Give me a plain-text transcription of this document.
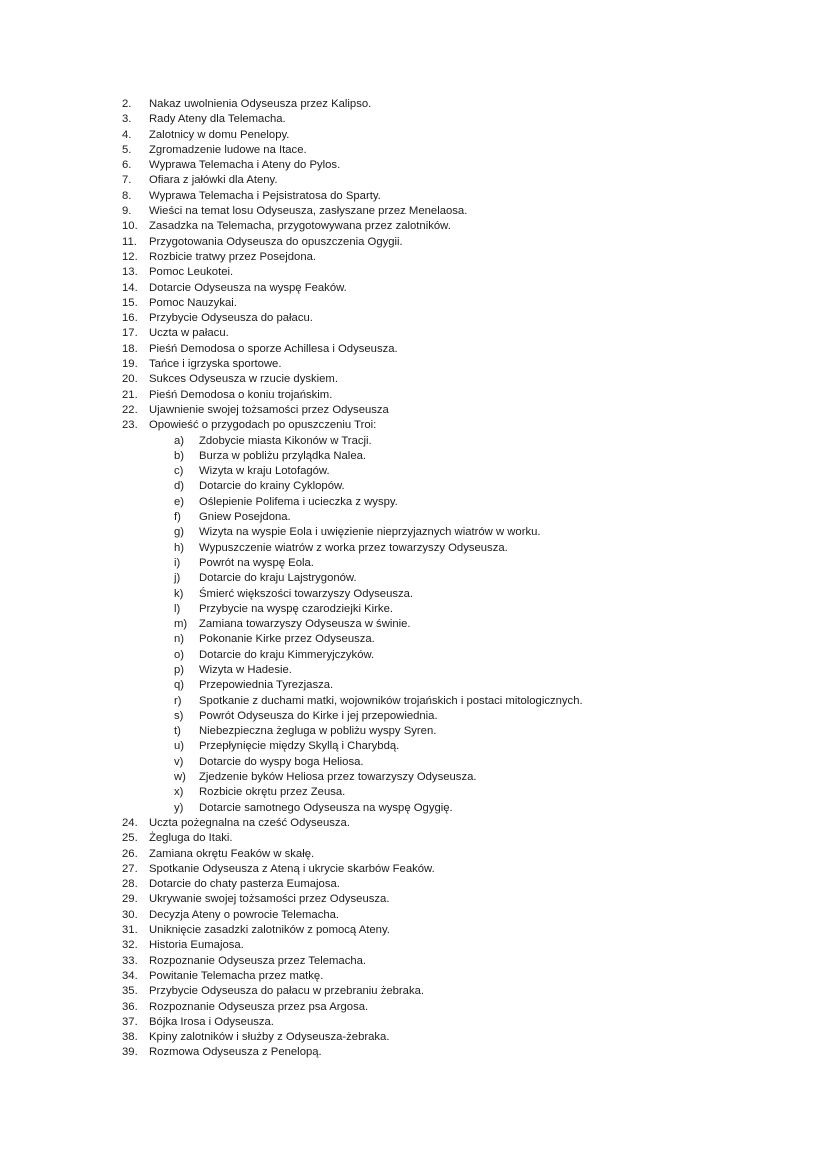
2. Nakaz uwolnienia Odyseusza przez Kalipso.
3. Rady Ateny dla Telemacha.
4. Zalotnicy w domu Penelopy.
5. Zgromadzenie ludowe na Itace.
6. Wyprawa Telemacha i Ateny do Pylos.
7. Ofiara z jałówki dla Ateny.
8. Wyprawa Telemacha i Pejsistratosa do Sparty.
9. Wieści na temat losu Odyseusza, zasłyszane przez Menelaosa.
10. Zasadzka na Telemacha, przygotowywana przez zalotników.
11. Przygotowania Odyseusza do opuszczenia Ogygii.
12. Rozbicie tratwy przez Posejdona.
13. Pomoc Leukotei.
14. Dotarcie Odyseusza na wyspę Feaków.
15. Pomoc Nauzykai.
16. Przybycie Odyseusza do pałacu.
17. Uczta w pałacu.
18. Pieśń Demodosa o sporze Achillesa i Odyseusza.
19. Tańce i igrzyska sportowe.
20. Sukces Odyseusza w rzucie dyskiem.
21. Pieśń Demodosa o koniu trojańskim.
22. Ujawnienie swojej tożsamości przez Odyseusza
23. Opowieść o przygodach po opuszczeniu Troi:
a) Zdobycie miasta Kikonów w Tracji.
b) Burza w pobliżu przylądka Nalea.
c) Wizyta w kraju Lotofagów.
d) Dotarcie do krainy Cyklopów.
e) Oślepienie Polifema i ucieczka z wyspy.
f) Gniew Posejdona.
g) Wizyta na wyspie Eola i uwięzienie nieprzyjaznych wiatrów w worku.
h) Wypuszczenie wiatrów z worka przez towarzyszy Odyseusza.
i) Powrót na wyspę Eola.
j) Dotarcie do kraju Lajstrygonów.
k) Śmierć większości towarzyszy Odyseusza.
l) Przybycie na wyspę czarodziejki Kirke.
m) Zamiana towarzyszy Odyseusza w świnie.
n) Pokonanie Kirke przez Odyseusza.
o) Dotarcie do kraju Kimmeryjczyków.
p) Wizyta w Hadesie.
q) Przepowiednia Tyrezjasza.
r) Spotkanie z duchami matki, wojowników trojańskich i postaci mitologicznych.
s) Powrót Odyseusza do Kirke i jej przepowiednia.
t) Niebezpieczna żegluga w pobliżu wyspy Syren.
u) Przepłynięcie między Skyllą i Charybdą.
v) Dotarcie do wyspy boga Heliosa.
w) Zjedzenie byków Heliosa przez towarzyszy Odyseusza.
x) Rozbicie okrętu przez Zeusa.
y) Dotarcie samotnego Odyseusza na wyspę Ogygię.
24. Uczta pożegnalna na cześć Odyseusza.
25. Żegluga do Itaki.
26. Zamiana okrętu Feaków w skałę.
27. Spotkanie Odyseusza z Ateną i ukrycie skarbów Feaków.
28. Dotarcie do chaty pasterza Eumajosa.
29. Ukrywanie swojej tożsamości przez Odyseusza.
30. Decyzja Ateny o powrocie Telemacha.
31. Uniknięcie zasadzki zalotników z pomocą Ateny.
32. Historia Eumajosa.
33. Rozpoznanie Odyseusza przez Telemacha.
34. Powitanie Telemacha przez matkę.
35. Przybycie Odyseusza do pałacu w przebraniu żebraka.
36. Rozpoznanie Odyseusza przez psa Argosa.
37. Bójka Irosa i Odyseusza.
38. Kpiny zalotników i służby z Odyseusza-żebraka.
39. Rozmowa Odyseusza z Penelopą.
